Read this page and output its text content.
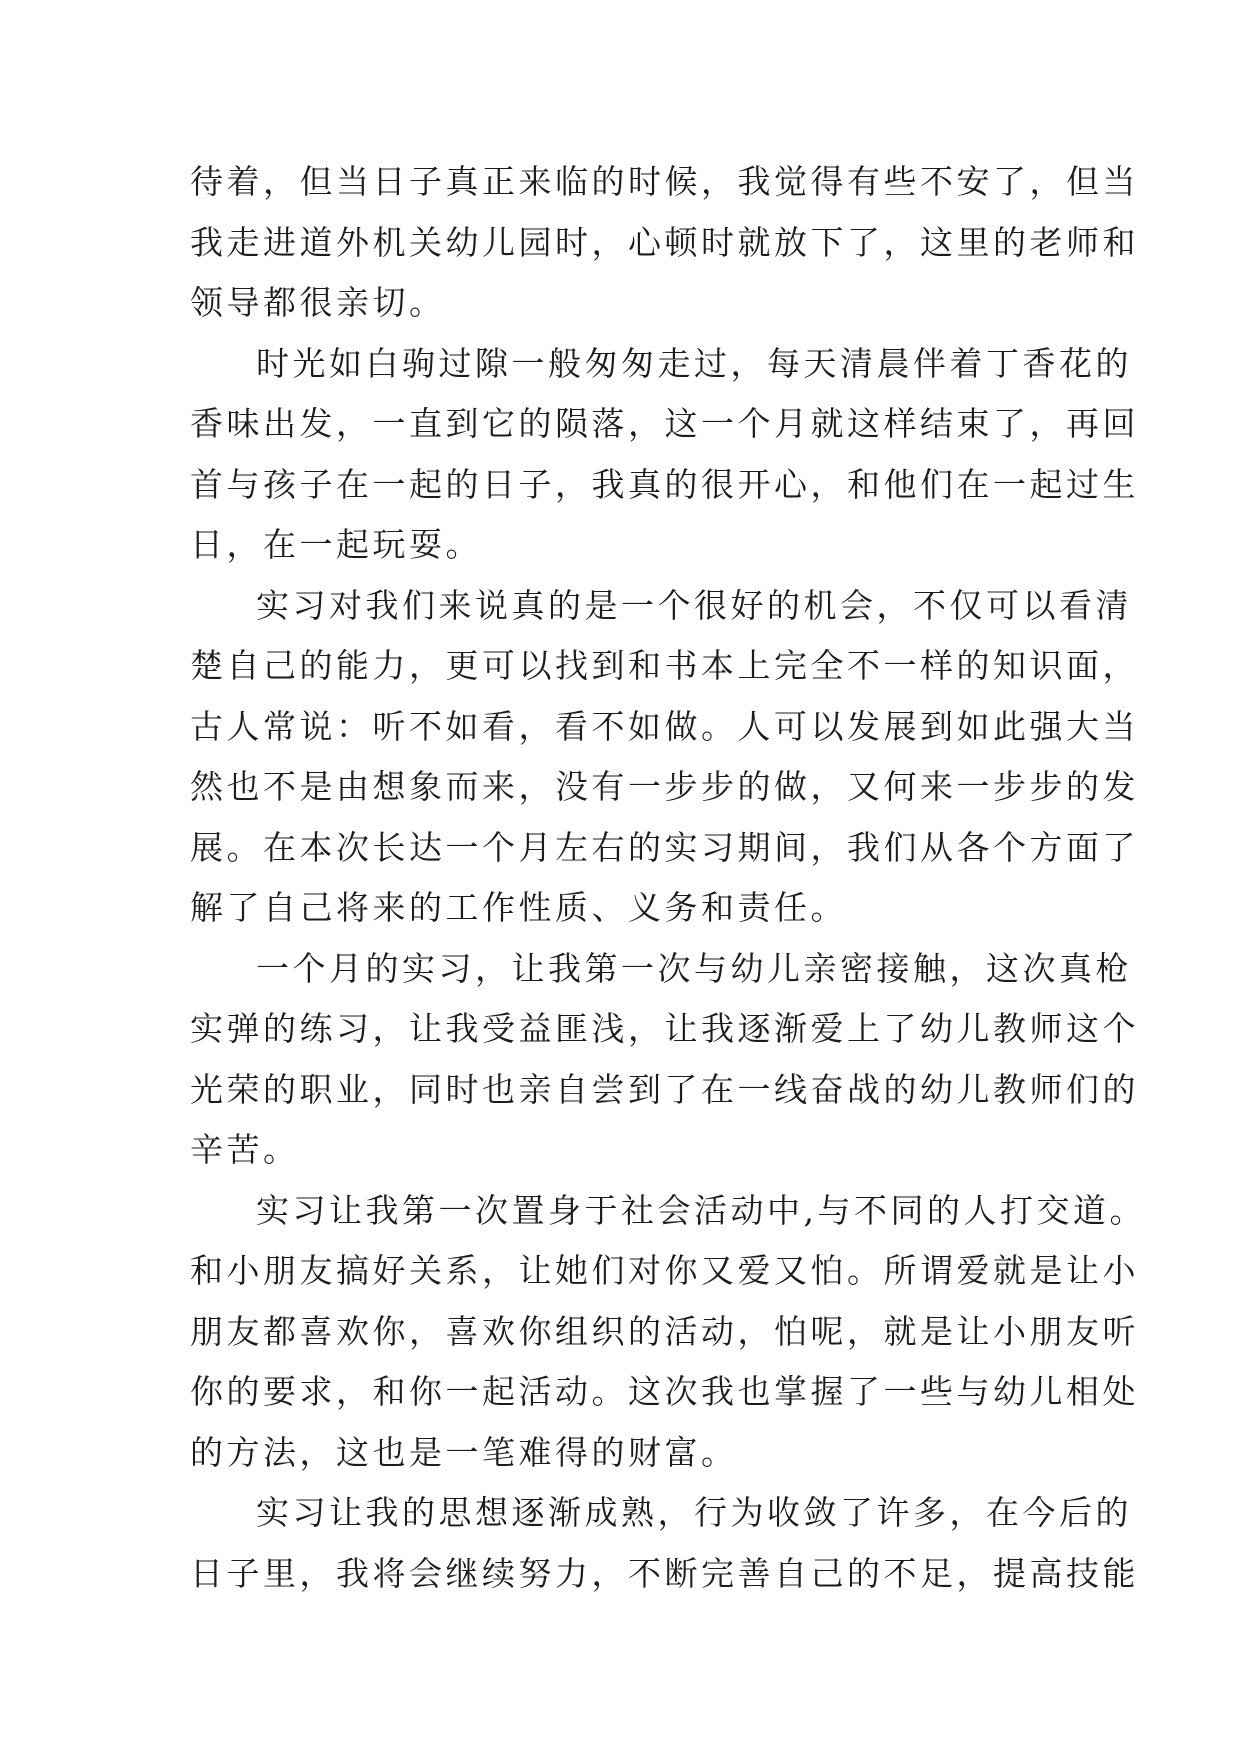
待着，但当日子真正来临的时候，我觉得有些不安了，但当
我走进道外机关幼儿园时，心顿时就放下了，这里的老师和
领导都很亲切。
时光如白驹过隙一般匆匆走过，每天清晨伴着丁香花的
香味出发，一直到它的陨落，这一个月就这样结束了，再回
首与孩子在一起的日子，我真的很开心，和他们在一起过生
日，在一起玩耍。
实习对我们来说真的是一个很好的机会，不仅可以看清
楚自己的能力，更可以找到和书本上完全不一样的知识面，
古人常说：听不如看，看不如做。人可以发展到如此强大当
然也不是由想象而来，没有一步步的做，又何来一步步的发
展。在本次长达一个月左右的实习期间，我们从各个方面了
解了自己将来的工作性质、义务和责任。
一个月的实习，让我第一次与幼儿亲密接触，这次真枪
实弹的练习，让我受益匪浅，让我逐渐爱上了幼儿教师这个
光荣的职业，同时也亲自尝到了在一线奋战的幼儿教师们的
辛苦。
实习让我第一次置身于社会活动中,与不同的人打交道。
和小朋友搞好关系，让她们对你又爱又怕。所谓爱就是让小
朋友都喜欢你，喜欢你组织的活动，怕呢，就是让小朋友听
你的要求，和你一起活动。这次我也掌握了一些与幼儿相处
的方法，这也是一笔难得的财富。
实习让我的思想逐渐成熟，行为收敛了许多，在今后的
日子里，我将会继续努力，不断完善自己的不足，提高技能
